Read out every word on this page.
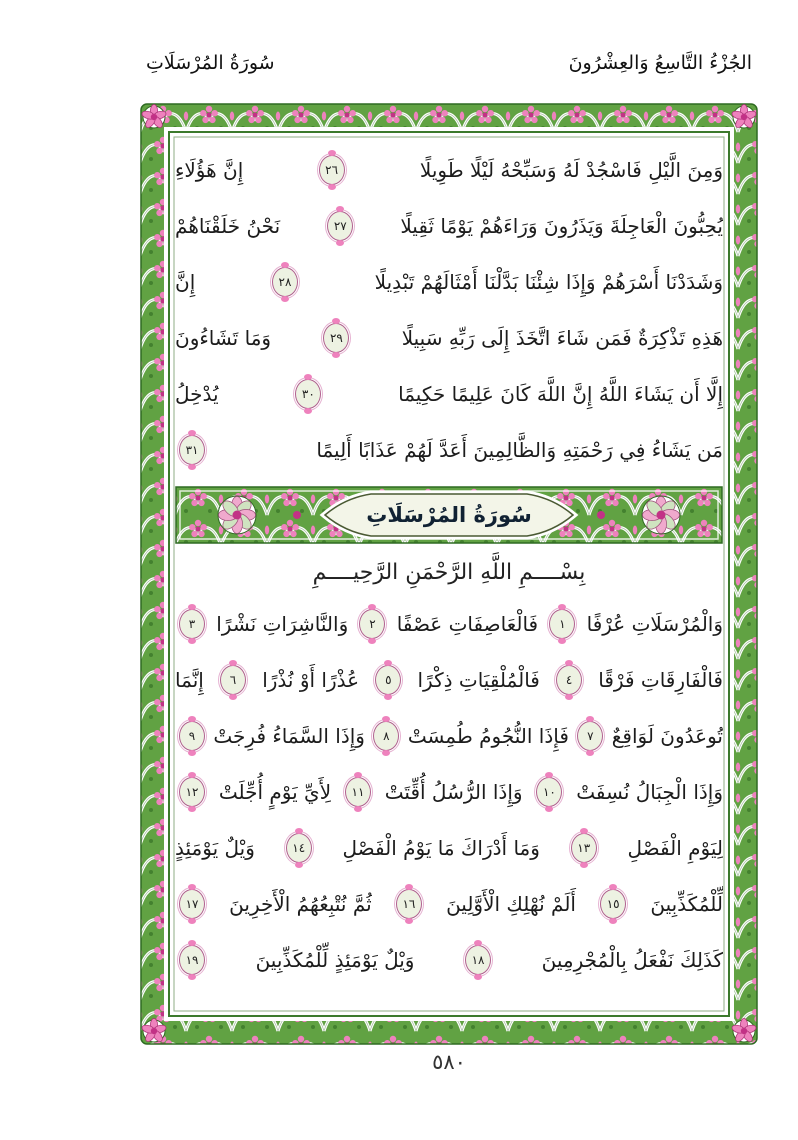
الجُزْءُ التَّاسِعُ وَالعِشْرُونَ
سُورَةُ المُرْسَلَاتِ
وَمِنَ الَّيْلِ فَاسْجُدْ لَهُ وَسَبِّحْهُ لَيْلًا طَوِيلًا
٢٦
إِنَّ هَؤُلَاءِ
يُحِبُّونَ الْعَاجِلَةَ وَيَذَرُونَ وَرَاءَهُمْ يَوْمًا ثَقِيلًا
٢٧
نَحْنُ خَلَقْنَاهُمْ
وَشَدَدْنَا أَسْرَهُمْ وَإِذَا شِئْنَا بَدَّلْنَا أَمْثَالَهُمْ تَبْدِيلًا
٢٨
إِنَّ
هَذِهِ تَذْكِرَةٌ فَمَن شَاءَ اتَّخَذَ إِلَى رَبِّهِ سَبِيلًا
٢٩
وَمَا تَشَاءُونَ
إِلَّا أَن يَشَاءَ اللَّهُ إِنَّ اللَّهَ كَانَ عَلِيمًا حَكِيمًا
٣٠
يُدْخِلُ
مَن يَشَاءُ فِي رَحْمَتِهِ وَالظَّالِمِينَ أَعَدَّ لَهُمْ عَذَابًا أَلِيمًا
٣١
سُورَةُ المُرْسَلَاتِ
بِسْــــمِ اللَّهِ الرَّحْمَنِ الرَّحِيــــمِ
وَالْمُرْسَلَاتِ عُرْفًا
١
فَالْعَاصِفَاتِ عَصْفًا
٢
وَالنَّاشِرَاتِ نَشْرًا
٣
فَالْفَارِقَاتِ فَرْقًا
٤
فَالْمُلْقِيَاتِ ذِكْرًا
٥
عُذْرًا أَوْ نُذْرًا
٦
إِنَّمَا
تُوعَدُونَ لَوَاقِعٌ
٧
فَإِذَا النُّجُومُ طُمِسَتْ
٨
وَإِذَا السَّمَاءُ فُرِجَتْ
٩
وَإِذَا الْجِبَالُ نُسِفَتْ
١٠
وَإِذَا الرُّسُلُ أُقِّتَتْ
١١
لِأَيِّ يَوْمٍ أُجِّلَتْ
١٢
لِيَوْمِ الْفَصْلِ
١٣
وَمَا أَدْرَاكَ مَا يَوْمُ الْفَصْلِ
١٤
وَيْلٌ يَوْمَئِذٍ
لِّلْمُكَذِّبِينَ
١٥
أَلَمْ نُهْلِكِ الْأَوَّلِينَ
١٦
ثُمَّ نُتْبِعُهُمُ الْأَخِرِينَ
١٧
كَذَلِكَ نَفْعَلُ بِالْمُجْرِمِينَ
١٨
وَيْلٌ يَوْمَئِذٍ لِّلْمُكَذِّبِينَ
١٩
٥٨٠
